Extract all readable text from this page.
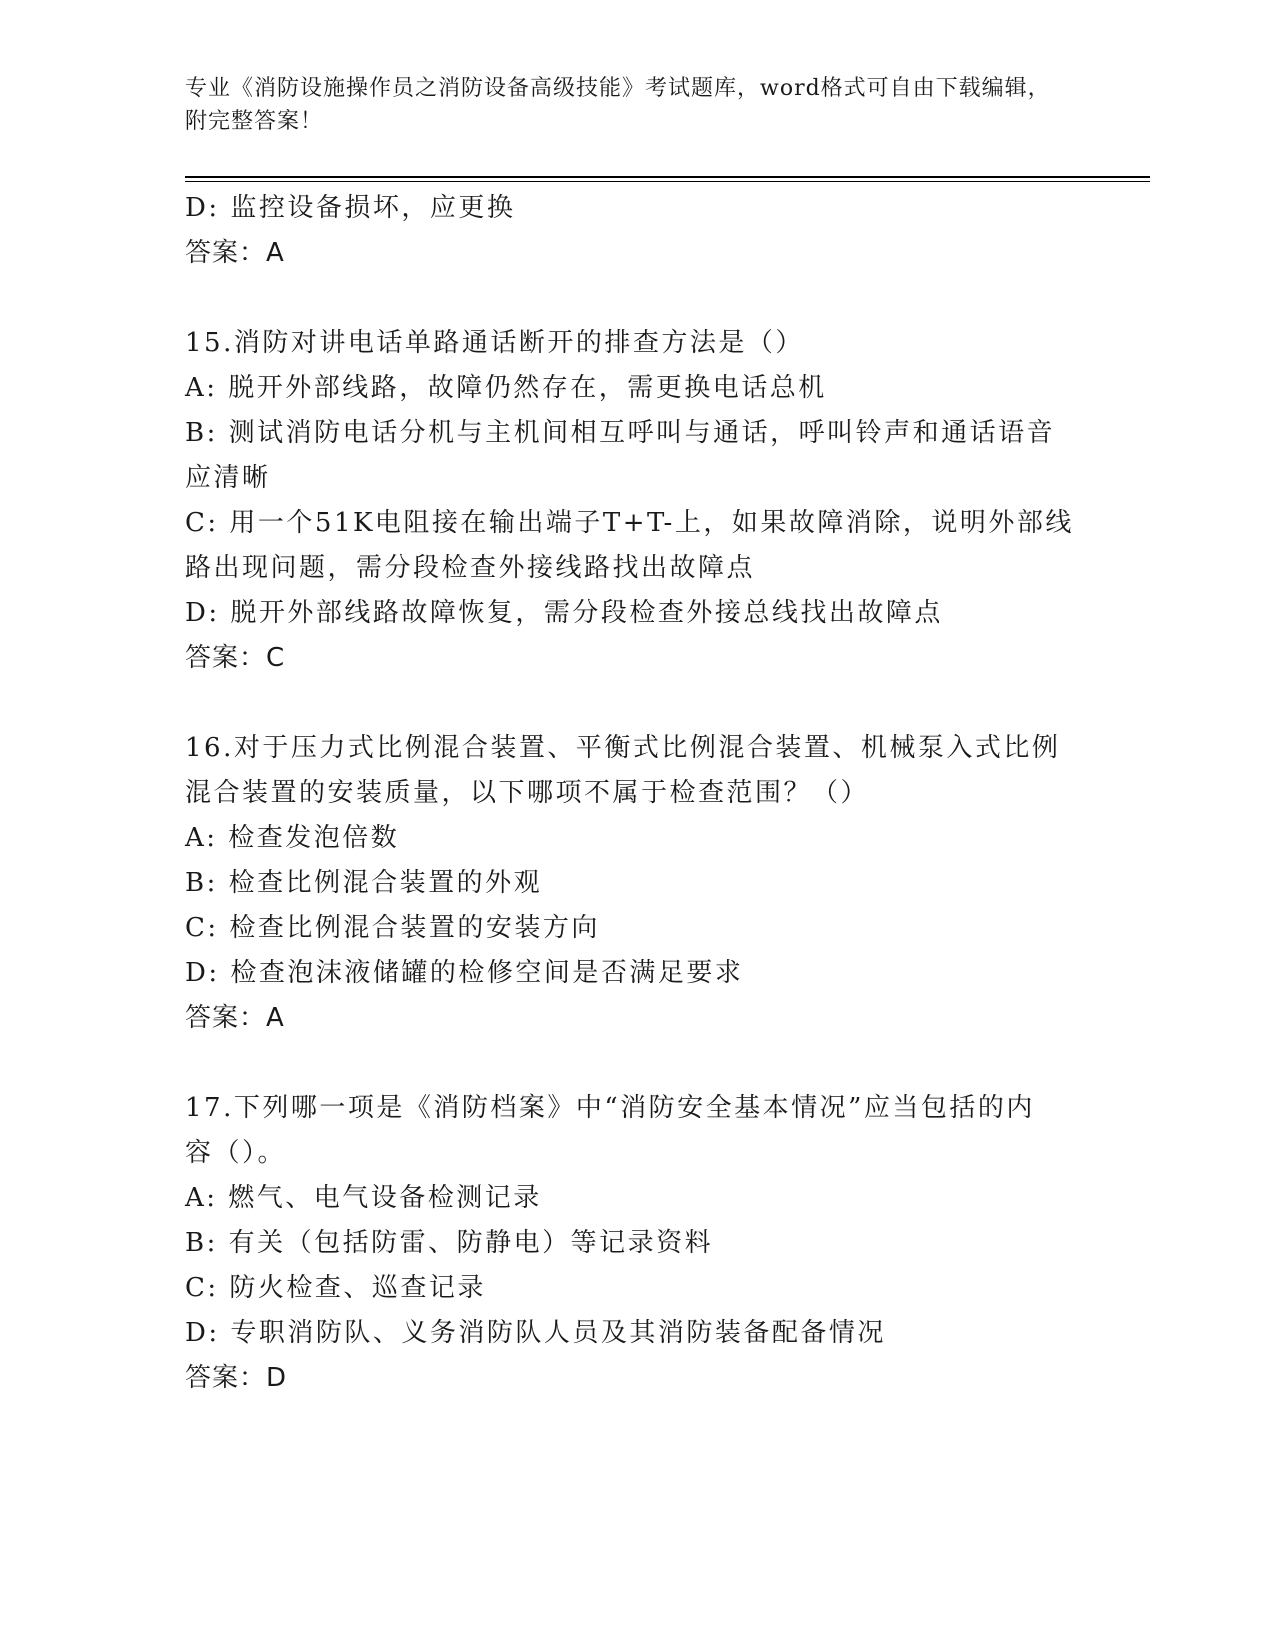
专业《消防设施操作员之消防设备高级技能》考试题库，word格式可自由下载编辑，附完整答案！
D: 监控设备损坏，应更换
答案：A
15.消防对讲电话单路通话断开的排查方法是（）
A: 脱开外部线路，故障仍然存在，需更换电话总机
B: 测试消防电话分机与主机间相互呼叫与通话，呼叫铃声和通话语音
应清晰
C: 用一个51K电阻接在输出端子T+T-上，如果故障消除，说明外部线
路出现问题，需分段检查外接线路找出故障点
D: 脱开外部线路故障恢复，需分段检查外接总线找出故障点
答案：C
16.对于压力式比例混合装置、平衡式比例混合装置、机械泵入式比例
混合装置的安装质量，以下哪项不属于检查范围？（）
A: 检查发泡倍数
B: 检查比例混合装置的外观
C: 检查比例混合装置的安装方向
D: 检查泡沫液储罐的检修空间是否满足要求
答案：A
17.下列哪一项是《消防档案》中“消防安全基本情况”应当包括的内
容（）。
A: 燃气、电气设备检测记录
B: 有关（包括防雷、防静电）等记录资料
C: 防火检查、巡查记录
D: 专职消防队、义务消防队人员及其消防装备配备情况
答案：D
